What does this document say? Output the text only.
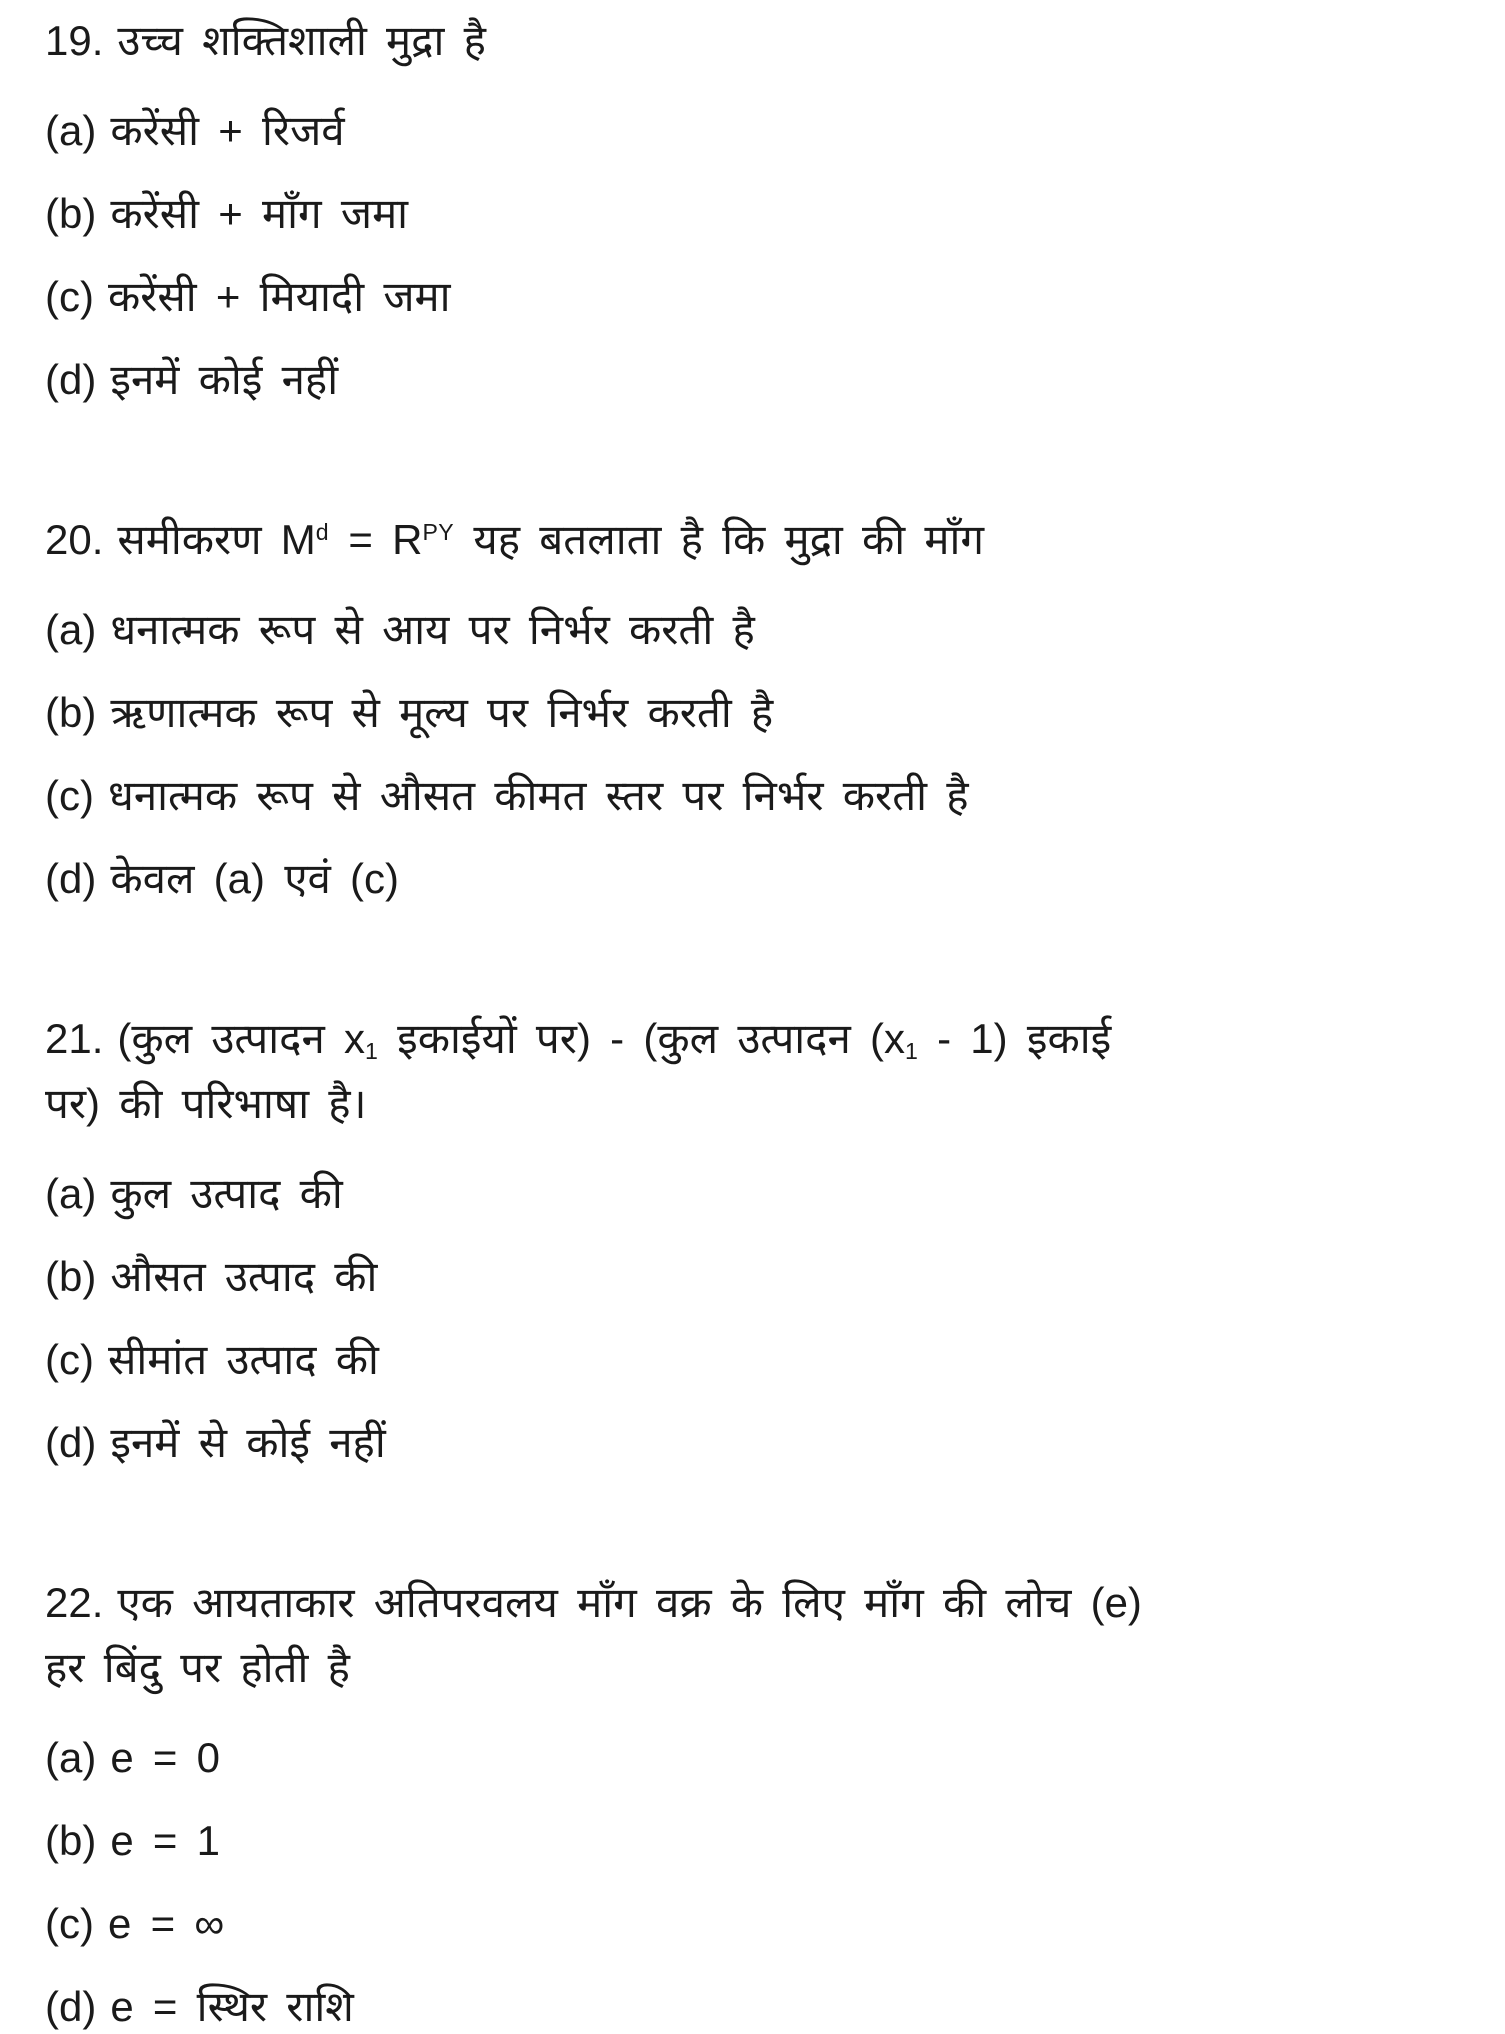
19. उच्च शक्तिशाली मुद्रा है
(a) करेंसी + रिजर्व
(b) करेंसी + माँग जमा
(c) करेंसी + मियादी जमा
(d) इनमें कोई नहीं
20. समीकरण $M^d = R^{PY}$ यह बतलाता है कि मुद्रा की माँग
(a) धनात्मक रूप से आय पर निर्भर करती है
(b) ऋणात्मक रूप से मूल्य पर निर्भर करती है
(c) धनात्मक रूप से औसत कीमत स्तर पर निर्भर करती है
(d) केवल (a) एवं (c)
21. (कुल उत्पादन $x_1$ इकाईयों पर) - (कुल उत्पादन $(x_1 - 1)$ इकाई पर) की परिभाषा है।
(a) कुल उत्पाद की
(b) औसत उत्पाद की
(c) सीमांत उत्पाद की
(d) इनमें से कोई नहीं
22. एक आयताकार अतिपरवलय माँग वक्र के लिए माँग की लोच (e) हर बिंदु पर होती है
(a) e = 0
(b) e = 1
(c) e = ∞
(d) e = स्थिर राशि
